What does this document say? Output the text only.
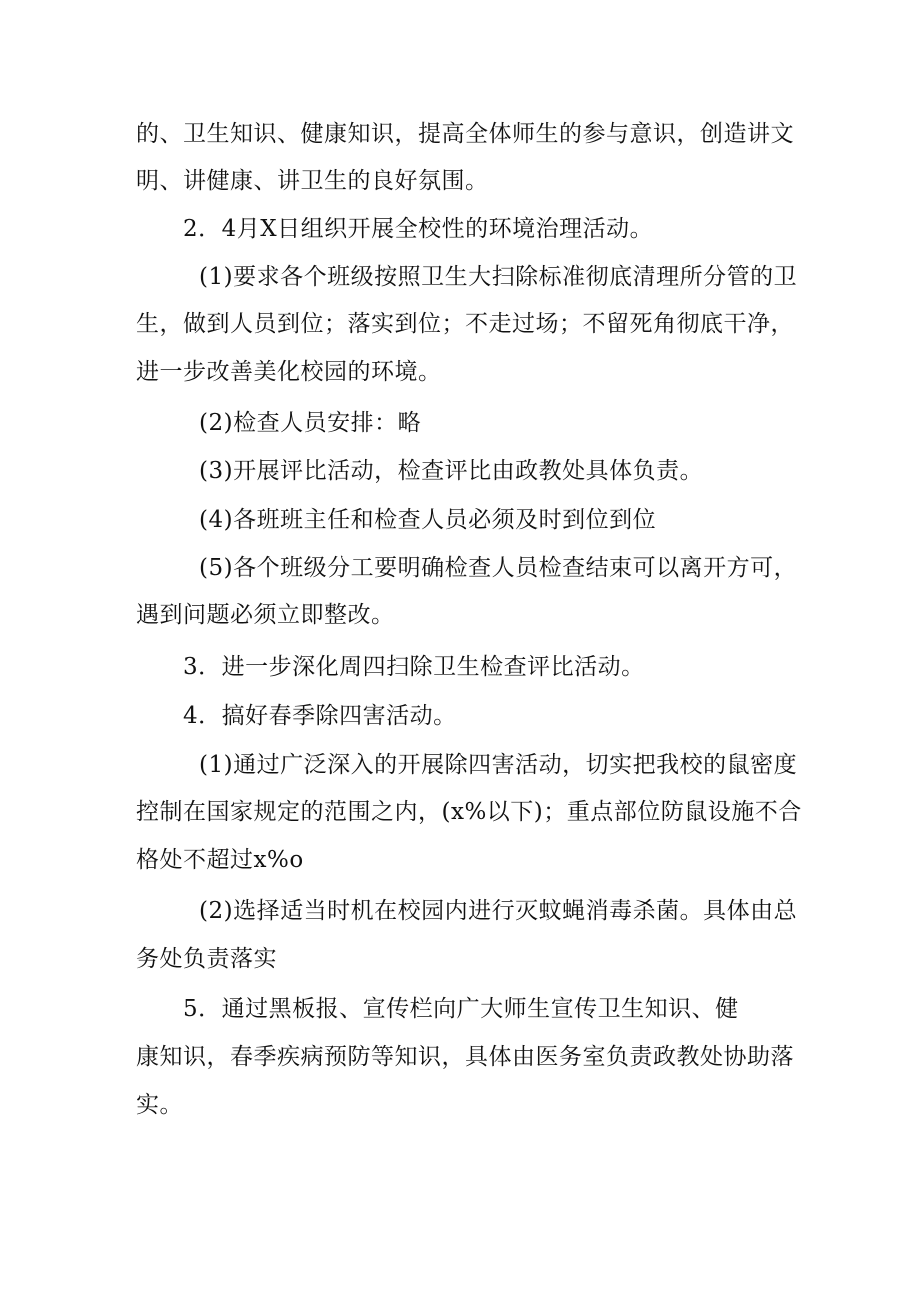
的、卫生知识、健康知识，提高全体师生的参与意识，创造讲文
明、讲健康、讲卫生的良好氛围。
2．4月X日组织开展全校性的环境治理活动。
(1)要求各个班级按照卫生大扫除标准彻底清理所分管的卫
生，做到人员到位；落实到位；不走过场；不留死角彻底干净，
进一步改善美化校园的环境。
(2)检查人员安排：略
(3)开展评比活动，检查评比由政教处具体负责。
(4)各班班主任和检查人员必须及时到位到位
(5)各个班级分工要明确检查人员检查结束可以离开方可，
遇到问题必须立即整改。
3．进一步深化周四扫除卫生检查评比活动。
4．搞好春季除四害活动。
(1)通过广泛深入的开展除四害活动，切实把我校的鼠密度
控制在国家规定的范围之内，(x%以下)；重点部位防鼠设施不合
格处不超过x%o
(2)选择适当时机在校园内进行灭蚊蝇消毒杀菌。具体由总
务处负责落实
5．通过黑板报、宣传栏向广大师生宣传卫生知识、健
康知识，春季疾病预防等知识，具体由医务室负责政教处协助落
实。
